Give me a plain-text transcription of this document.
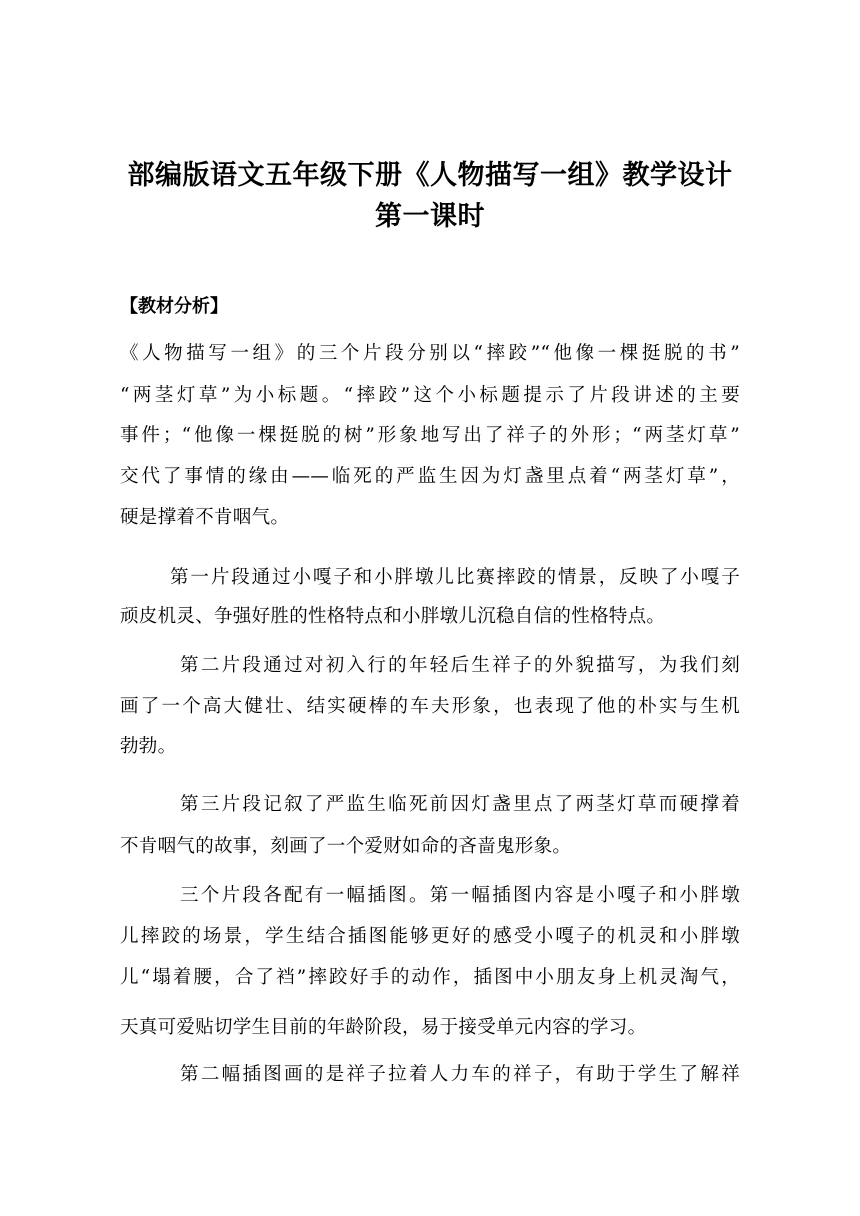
部编版语文五年级下册《人物描写一组》教学设计
第一课时
【教材分析】
《人物描写一组》的三个片段分别以“摔跤”“他像一棵挺脱的书”
“两茎灯草”为小标题。“摔跤”这个小标题提示了片段讲述的主要
事件；“他像一棵挺脱的树”形象地写出了祥子的外形；“两茎灯草”
交代了事情的缘由——临死的严监生因为灯盏里点着“两茎灯草”，
硬是撑着不肯咽气。
第一片段通过小嘎子和小胖墩儿比赛摔跤的情景，反映了小嘎子
顽皮机灵、争强好胜的性格特点和小胖墩儿沉稳自信的性格特点。
第二片段通过对初入行的年轻后生祥子的外貌描写，为我们刻
画了一个高大健壮、结实硬棒的车夫形象，也表现了他的朴实与生机
勃勃。
第三片段记叙了严监生临死前因灯盏里点了两茎灯草而硬撑着
不肯咽气的故事，刻画了一个爱财如命的吝啬鬼形象。
三个片段各配有一幅插图。第一幅插图内容是小嘎子和小胖墩
儿摔跤的场景，学生结合插图能够更好的感受小嘎子的机灵和小胖墩
儿“塌着腰，合了裆”摔跤好手的动作，插图中小朋友身上机灵淘气，
天真可爱贴切学生目前的年龄阶段，易于接受单元内容的学习。
第二幅插图画的是祥子拉着人力车的祥子，有助于学生了解祥
